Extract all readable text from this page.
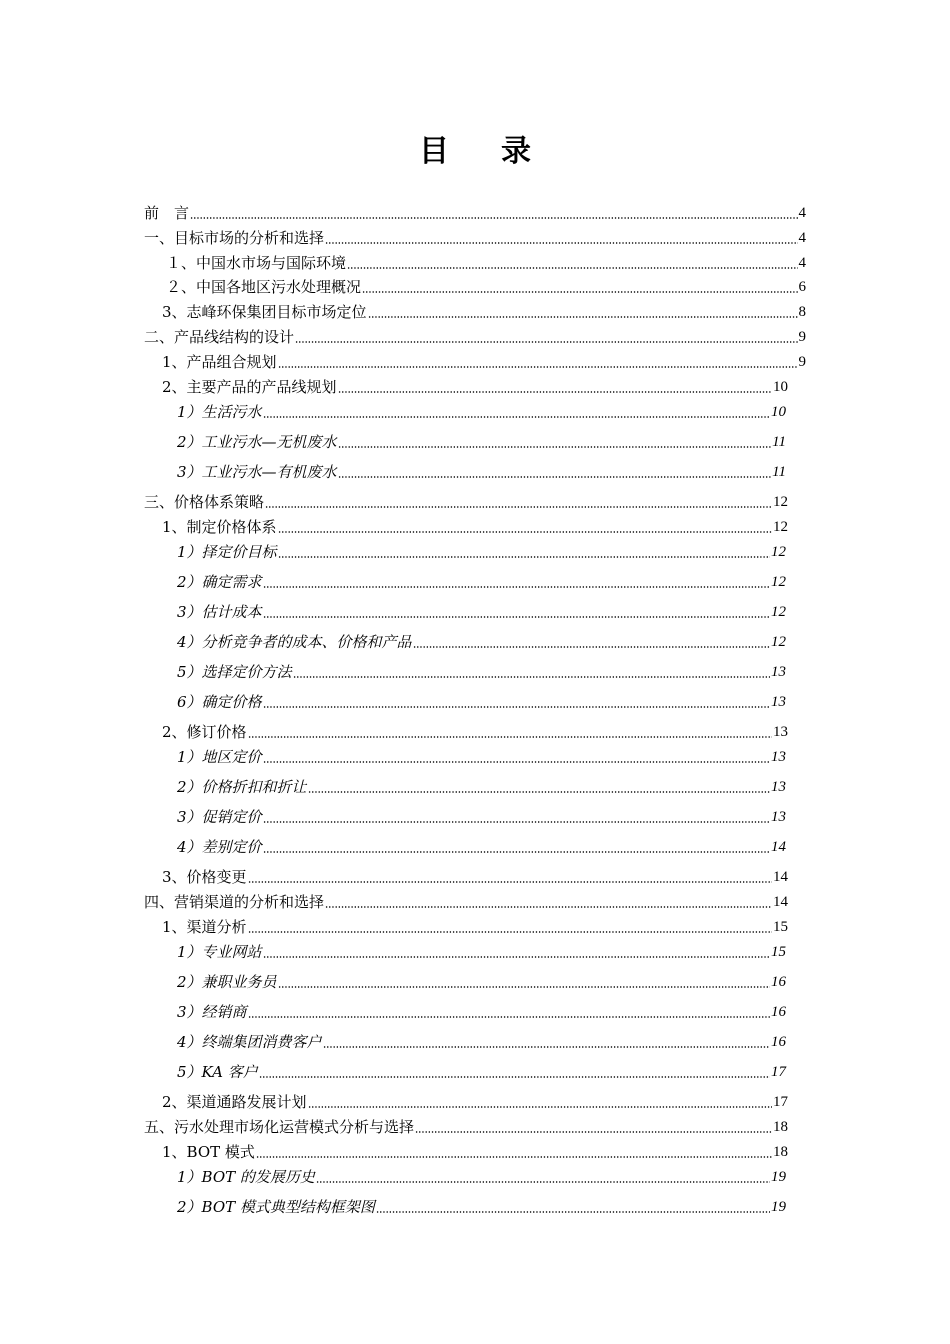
目 录
前　言	4
一、目标市场的分析和选择	4
１、中国水市场与国际环境	4
２、中国各地区污水处理概况	6
3、志峰环保集团目标市场定位	8
二、产品线结构的设计	9
1、产品组合规划	9
2、主要产品的产品线规划	10
1）生活污水	10
2）工业污水—无机废水	11
3）工业污水—有机废水	11
三、价格体系策略	12
1、制定价格体系	12
1）择定价目标	12
2）确定需求	12
3）估计成本	12
4）分析竞争者的成本、价格和产品	12
5）选择定价方法	13
6）确定价格	13
2、修订价格	13
1）地区定价	13
2）价格折扣和折让	13
3）促销定价	13
4）差别定价	14
3、价格变更	14
四、营销渠道的分析和选择	14
1、渠道分析	15
1）专业网站	15
2）兼职业务员	16
3）经销商	16
4）终端集团消费客户	16
5）KA 客户	17
2、渠道通路发展计划	17
五、污水处理市场化运营模式分析与选择	18
1、BOT 模式	18
1）BOT 的发展历史	19
2）BOT 模式典型结构框架图	19
